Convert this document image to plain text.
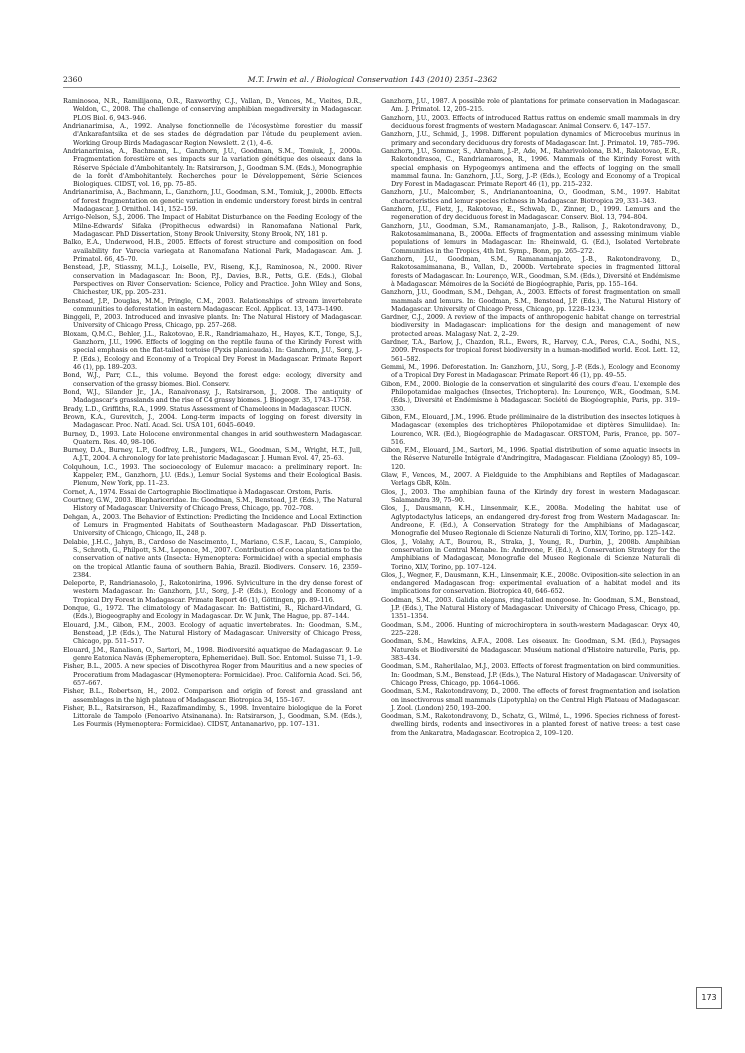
2360	M.T. Irwin et al. / Biological Conservation 143 (2010) 2351–2362

Raminosoa, N.R., Ramilijaona, O.R., Raxworthy, C.J., Vallan, D., Vences, M., Vieites, D.R., Weldon, C., 2008. The challenge of conserving amphibian megadiversity in Madagascar. PLOS Biol. 6, 943–946.

Andrianarimisa, A., 1992. Analyse fonctionnelle de l'écosystème forestier du massif d'Ankarafantsika et de ses stades de dégradation par l'étude du peuplement avien. Working Group Birds Madagascar Region Newslett. 2 (1), 4–6.

Andrianarimisa, A., Bachmann, L., Ganzhorn, J.U., Goodman, S.M., Tomiuk, J., 2000a. Fragmentation forestière et ses impacts sur la variation génétique des oiseaux dans la Réserve Spéciale d'Ambohitantely. In: Ratsirarson, J., Goodman S.M. (Eds.), Monographie de la forêt d'Ambohitantely. Recherches pour le Développement, Série Sciences Biologiques. CIDST, vol. 16, pp. 75–85.

Andrianarimisa, A., Bachmann, L., Ganzhorn, J.U., Goodman, S.M., Tomiuk, J., 2000b. Effects of forest fragmentation on genetic variation in endemic understory forest birds in central Madagascar. J. Ornithol. 141, 152–159.

Arrigo-Nelson, S.J., 2006. The Impact of Habitat Disturbance on the Feeding Ecology of the Milne-Edwards' Sifaka (Propithecus edwardsi) in Ranomafana National Park, Madagascar. PhD Dissertation, Stony Brook University, Stony Brook, NY, 181 p.

Balko, E.A., Underwood, H.B., 2005. Effects of forest structure and composition on food availability for Varecia variegata at Ranomafana National Park, Madagascar. Am. J. Primatol. 66, 45–70.

Benstead, J.P., Stiassny, M.L.J., Loiselle, P.V., Riseng, K.J., Raminosoa, N., 2000. River conservation in Madagascar. In: Boon, P.J., Davies, B.R., Petts, G.E. (Eds.), Global Perspectives on River Conservation: Science, Policy and Practice. John Wiley and Sons, Chichester, UK, pp. 205–231.

Benstead, J.P., Douglas, M.M., Pringle, C.M., 2003. Relationships of stream invertebrate communities to deforestation in eastern Madagascar. Ecol. Applicat. 13, 1473–1490.

Binggeli, P., 2003. Introduced and invasive plants. In: The Natural History of Madagascar. University of Chicago Press, Chicago, pp. 257–268.

Bloxam, Q.M.C., Behler, J.L., Rakotovao, E.R., Randriamahazo, H., Hayes, K.T., Tonge, S.J., Ganzhorn, J.U., 1996. Effects of logging on the reptile fauna of the Kirindy Forest with special emphasis on the flat-tailed tortoise (Pyxis planicauda). In: Ganzhorn, J.U., Sorg, J.-P. (Eds.), Ecology and Economy of a Tropical Dry Forest in Madagascar. Primate Report 46 (1), pp. 189–203.

Bond, W.J., Parr, C.L., this volume. Beyond the forest edge: ecology, diversity and conservation of the grassy biomes. Biol. Conserv.

Bond, W.J., Silander Jr., J.A., Ranaivonasy, J., Ratsirarson, J., 2008. The antiquity of Madagascar's grasslands and the rise of C4 grassy biomes. J. Biogeogr. 35, 1743–1758.

Brady, L.D., Griffiths, R.A., 1999. Status Assessment of Chameleons in Madagascar. IUCN.

Brown, K.A., Gurevitch, J., 2004. Long-term impacts of logging on forest diversity in Madagascar. Proc. Natl. Acad. Sci. USA 101, 6045–6049.

Burney, D., 1993. Late Holocene environmental changes in arid southwestern Madagascar. Quatern. Res. 40, 98–106.

Burney, D.A., Burney, L.P., Godfrey, L.R., Jungers, W.L., Goodman, S.M., Wright, H.T., Jull, A.J.T., 2004. A chronology for late prehistoric Madagascar. J. Human Evol. 47, 25–63.

Colquhoun, I.C., 1993. The socioecology of Eulemur macaco: a preliminary report. In: Kappeler, P.M., Ganzhorn, J.U. (Eds.), Lemur Social Systems and their Ecological Basis. Plenum, New York, pp. 11–23.

Cornet, A., 1974. Essai de Cartographie Bioclimatique à Madagascar. Orstom, Paris.

Courtney, G.W., 2003. Blephariceridae. In: Goodman, S.M., Benstead, J.P. (Eds.), The Natural History of Madagascar. University of Chicago Press, Chicago, pp. 702–708.

Dehgan, A., 2003. The Behavior of Extinction: Predicting the Incidence and Local Extinction of Lemurs in Fragmented Habitats of Southeastern Madagascar. PhD Dissertation, University of Chicago, Chicago, IL, 248 p.

Delabie, J.H.C., Jahyn, B., Cardoso de Nascimento, I., Mariano, C.S.F., Lacau, S., Campiolo, S., Schroth, G., Philpott, S.M., Leponce, M., 2007. Contribution of cocoa plantations to the conservation of native ants (Insecta: Hymenoptera: Formicidae) with a special emphasis on the tropical Atlantic fauna of southern Bahia, Brazil. Biodivers. Conserv. 16, 2359–2384.

Deleporte, P., Randrianasolo, J., Rakotonirina, 1996. Sylviculture in the dry dense forest of western Madagascar. In: Ganzhorn, J.U., Sorg, J.-P. (Eds.), Ecology and Economy of a Tropical Dry Forest in Madagascar. Primate Report 46 (1), Göttingen, pp. 89–116.

Donque, G., 1972. The climatology of Madagascar. In: Battistini, R., Richard-Vindard, G. (Eds.), Biogeography and Ecology in Madagascar. Dr. W. Junk, The Hague, pp. 87–144.

Elouard, J.M., Gibon, F.M., 2003. Ecology of aquatic invertebrates. In: Goodman, S.M., Benstead, J.P. (Eds.), The Natural History of Madagascar. University of Chicago Press, Chicago, pp. 511–517.

Elouard, J.M., Ranalison, O., Sartori, M., 1998. Biodiversité aquatique de Madagascar. 9. Le genre Eatonica Navás (Ephemeroptera, Ephemeridae). Bull. Soc. Entomol. Suisse 71, 1–9.

Fisher, B.L., 2005. A new species of Discothyrea Roger from Mauritius and a new species of Proceratium from Madagascar (Hymenoptera: Formicidae). Proc. California Acad. Sci. 56, 657–667.

Fisher, B.L., Robertson, H., 2002. Comparison and origin of forest and grassland ant assemblages in the high plateau of Madagascar. Biotropica 34, 155–167.

Fisher, B.L., Ratsirarson, H., Razafimandimby, S., 1998. Inventaire biologique de la Foret Littorale de Tampolo (Fenoarivo Atsinanana). In: Ratsirarson, J., Goodman, S.M. (Eds.), Les Fourmis (Hymenoptera: Formicidae). CIDST, Antananarivo, pp. 107–131.

Ganzhorn, J.U., 1987. A possible role of plantations for primate conservation in Madagascar. Am. J. Primatol. 12, 205–215.

Ganzhorn, J.U., 2003. Effects of introduced Rattus rattus on endemic small mammals in dry deciduous forest fragments of western Madagascar. Animal Conserv. 6, 147–157.

Ganzhorn, J.U., Schmid, J., 1998. Different population dynamics of Microcebus murinus in primary and secondary deciduous dry forests of Madagascar. Int. J. Primatol. 19, 785–796.

Ganzhorn, J.U., Sommer, S., Abraham, J.-P., Ade, M., Raharivololona, B.M., Rakotovao, E.R., Rakotondrasoa, C., Randriamarosoa, R., 1996. Mammals of the Kirindy Forest with special emphasis on Hypogeomys antimena and the effects of logging on the small mammal fauna. In: Ganzhorn, J.U., Sorg, J.-P. (Eds.), Ecology and Economy of a Tropical Dry Forest in Madagascar. Primate Report 46 (1), pp. 215–232.

Ganzhorn, J.U., Malcomber, S., Andrianantoanina, O., Goodman, S.M., 1997. Habitat characteristics and lemur species richness in Madagascar. Biotropica 29, 331–343.

Ganzhorn, J.U., Fietz, J., Rakotovao, E., Schwab, D., Zinner, D., 1999. Lemurs and the regeneration of dry deciduous forest in Madagascar. Conserv. Biol. 13, 794–804.

Ganzhorn, J.U., Goodman, S.M., Ramanamanjato, J.-B., Ralison, J., Rakotondravony, D., Rakotosamimanana, B., 2000a. Effects of fragmentation and assessing minimum viable populations of lemurs in Madagascar. In: Rheinwald, G. (Ed.), Isolated Vertebrate Communities in the Tropics, 4th Int. Symp., Bonn, pp. 265–272.

Ganzhorn, J.U., Goodman, S.M., Ramanamanjato, J.-B., Rakotondravony, D., Rakotosamimanana, B., Vallan, D., 2000b. Vertebrate species in fragmented littoral forests of Madagascar. In: Lourenço, W.R., Goodman, S.M. (Eds.), Diversité et Endémisme à Madagascar. Mémoires de la Société de Biogéographie, Paris, pp. 155–164.

Ganzhorn, J.U., Goodman, S.M., Dehgan, A., 2003. Effects of forest fragmentation on small mammals and lemurs. In: Goodman, S.M., Benstead, J.P. (Eds.), The Natural History of Madagascar. University of Chicago Press, Chicago, pp. 1228–1234.

Gardner, C.J., 2009. A review of the impacts of anthropogenic habitat change on terrestrial biodiversity in Madagascar: implications for the design and management of new protected areas. Malagasy Nat. 2, 2–29.

Gardner, T.A., Barlow, J., Chazdon, R.L., Ewers, R., Harvey, C.A., Peres, C.A., Sodhi, N.S., 2009. Prospects for tropical forest biodiversity in a human-modified world. Ecol. Lett. 12, 561–582.

Gemmi, M., 1996. Deforestation. In: Ganzhorn, J.U., Sorg, J.-P. (Eds.), Ecology and Economy of a Tropical Dry Forest in Madagascar. Primate Report 46 (1), pp. 49–55.

Gibon, F.M., 2000. Biologie de la conservation et singularité des cours d'eau. L'exemple des Philopotamidae malgaches (Insectes, Trichoptera). In: Lourenço, W.R., Goodman, S.M. (Eds.), Diversité et Endémisme à Madagascar. Société de Biogéographie, Paris, pp. 319–330.

Gibon, F.M., Elouard, J.M., 1996. Étude préliminaire de la distribution des insectes lotiques à Madagascar (exemples des trichoptères Philopotamidae et diptères Simuliidae). In: Lourenco, W.R. (Ed.), Biogéographie de Madagascar. ORSTOM, Paris, France, pp. 507–516.

Gibon, F.M., Elouard, J.M., Sartori, M., 1996. Spatial distribution of some aquatic insects in the Réserve Naturelle Intégrale d'Andringitra, Madagascar. Fieldiana (Zoology) 85, 109–120.

Glaw, F., Vences, M., 2007. A Fieldguide to the Amphibians and Reptiles of Madagascar. Verlags GbR, Köln.

Glos, J., 2003. The amphibian fauna of the Kirindy dry forest in western Madagascar. Salamandra 39, 75–90.

Glos, J., Dausmann, K.H., Linsenmair, K.E., 2008a. Modeling the habitat use of Aglyptodactylus laticeps, an endangered dry-forest frog from Western Madagascar. In: Andreone, F. (Ed.), A Conservation Strategy for the Amphibians of Madagascar, Monografie del Museo Regionale di Scienze Naturali di Torino, XLV, Torino, pp. 125–142.

Glos, J., Volahy, A.T., Bourou, R., Straka, J., Young, R., Durbin, J., 2008b. Amphibian conservation in Central Menabe. In: Andreone, F. (Ed.), A Conservation Strategy for the Amphibians of Madagascar, Monografie del Museo Regionale di Scienze Naturali di Torino, XLV, Torino, pp. 107–124.

Glos, J., Wegner, F., Dausmann, K.H., Linsenmair, K.E., 2008c. Oviposition-site selection in an endangered Madagascan frog: experimental evaluation of a habitat model and its implications for conservation. Biotropica 40, 646–652.

Goodman, S.M., 2003. Galidia elegans, ring-tailed mongoose. In: Goodman, S.M., Benstead, J.P. (Eds.), The Natural History of Madagascar. University of Chicago Press, Chicago, pp. 1351–1354.

Goodman, S.M., 2006. Hunting of microchiroptera in south-western Madagascar. Oryx 40, 225–228.

Goodman, S.M., Hawkins, A.F.A., 2008. Les oiseaux. In: Goodman, S.M. (Ed.), Paysages Naturels et Biodiversité de Madagascar. Muséum national d'Histoire naturelle, Paris, pp. 383–434.

Goodman, S.M., Raherilalao, M.J., 2003. Effects of forest fragmentation on bird communities. In: Goodman, S.M., Benstead, J.P. (Eds.), The Natural History of Madagascar. University of Chicago Press, Chicago, pp. 1064–1066.

Goodman, S.M., Rakotondravony, D., 2000. The effects of forest fragmentation and isolation on insectivorous small mammals (Lipotyphla) on the Central High Plateau of Madagascar. J. Zool. (London) 250, 193–200.

Goodman, S.M., Rakotondravony, D., Schatz, G., Wilmé, L., 1996. Species richness of forest-dwelling birds, rodents and insectivores in a planted forest of native trees: a test case from the Ankaratra, Madagascar. Ecotropica 2, 109–120.

173
